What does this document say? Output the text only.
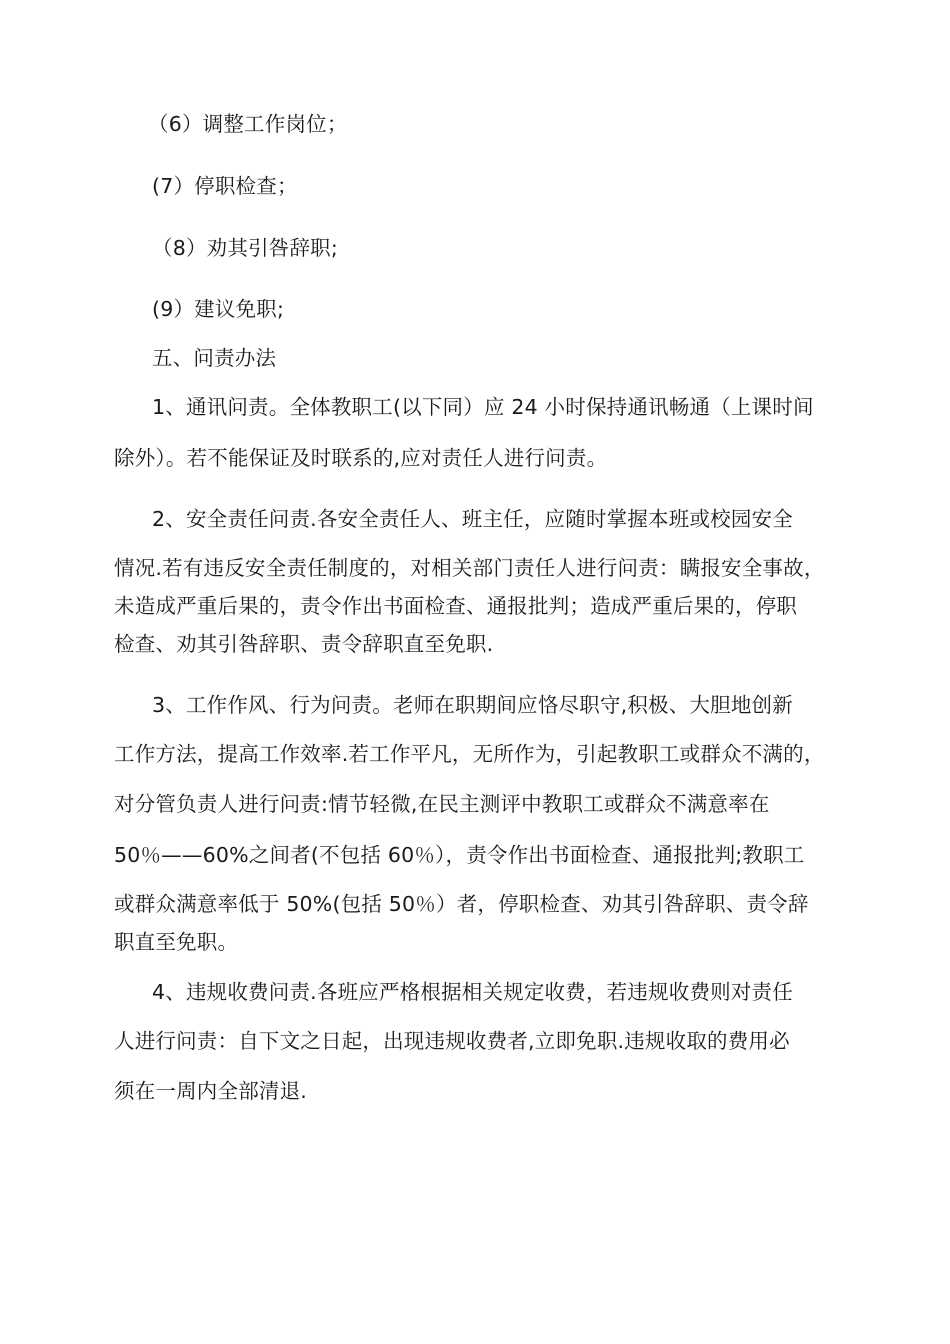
（6）调整工作岗位；
(7）停职检查；
（8）劝其引咎辞职;
(9）建议免职;
五、问责办法
1、通讯问责。全体教职工(以下同）应 24 小时保持通讯畅通（上课时间
除外）。若不能保证及时联系的,应对责任人进行问责。
2、安全责任问责.各安全责任人、班主任，应随时掌握本班或校园安全
情况.若有违反安全责任制度的，对相关部门责任人进行问责：瞒报安全事故，
未造成严重后果的，责令作出书面检查、通报批判；造成严重后果的，停职
检查、劝其引咎辞职、责令辞职直至免职.
3、工作作风、行为问责。老师在职期间应恪尽职守,积极、大胆地创新
工作方法，提高工作效率.若工作平凡，无所作为，引起教职工或群众不满的，
对分管负责人进行问责:情节轻微,在民主测评中教职工或群众不满意率在
50％——60%之间者(不包括 60％），责令作出书面检查、通报批判;教职工
或群众满意率低于 50%(包括 50％）者，停职检查、劝其引咎辞职、责令辞
职直至免职。
4、违规收费问责.各班应严格根据相关规定收费，若违规收费则对责任
人进行问责：自下文之日起，出现违规收费者,立即免职.违规收取的费用必
须在一周内全部清退.
